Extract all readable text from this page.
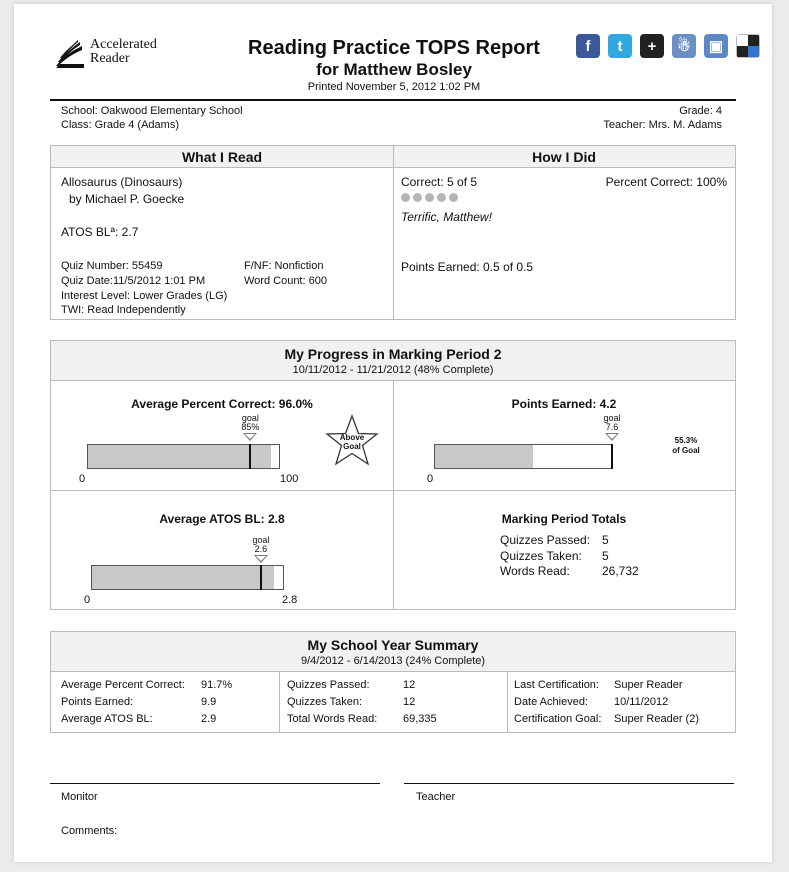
Accelerated
Reader	Reading Practice TOPS Report
for Matthew Bosley
Printed November 5, 2012 1:02 PM
f	t	+	☃	▣
School: Oakwood Elementary School
Class: Grade 4 (Adams)
Grade: 4
Teacher: Mrs. M. Adams
What I Read	How I Did
Allosaurus (Dinosaurs)
by Michael P. Goecke
ATOS BLª: 2.7
Quiz Number: 55459
Quiz Date:11/5/2012 1:01 PM
Interest Level: Lower Grades (LG)
TWI: Read Independently
F/NF: Nonfiction
Word Count: 600
Correct: 5 of 5	Percent Correct: 100%
Terrific, Matthew!
Points Earned: 0.5 of 0.5
My Progress in Marking Period 2
10/11/2012 - 11/21/2012 (48% Complete)
Average Percent Correct: 96.0%
goal
85%
0	100
Above
Goal
Points Earned: 4.2
goal
7.6
0
55.3%
of Goal
Average ATOS BL: 2.8
goal
2.6
0	2.8
Marking Period Totals
Quizzes Passed: 5
Quizzes Taken: 5
Words Read:	26,732
My School Year Summary
9/4/2012 - 6/14/2013 (24% Complete)
Average Percent Correct: 91.7%
Points Earned:	9.9
Average ATOS BL:	2.9
Quizzes Passed:	12
Quizzes Taken:	12
Total Words Read: 69,335
Last Certification: Super Reader
Date Achieved: 10/11/2012
Certification Goal: Super Reader (2)
Monitor	Teacher
Comments:
